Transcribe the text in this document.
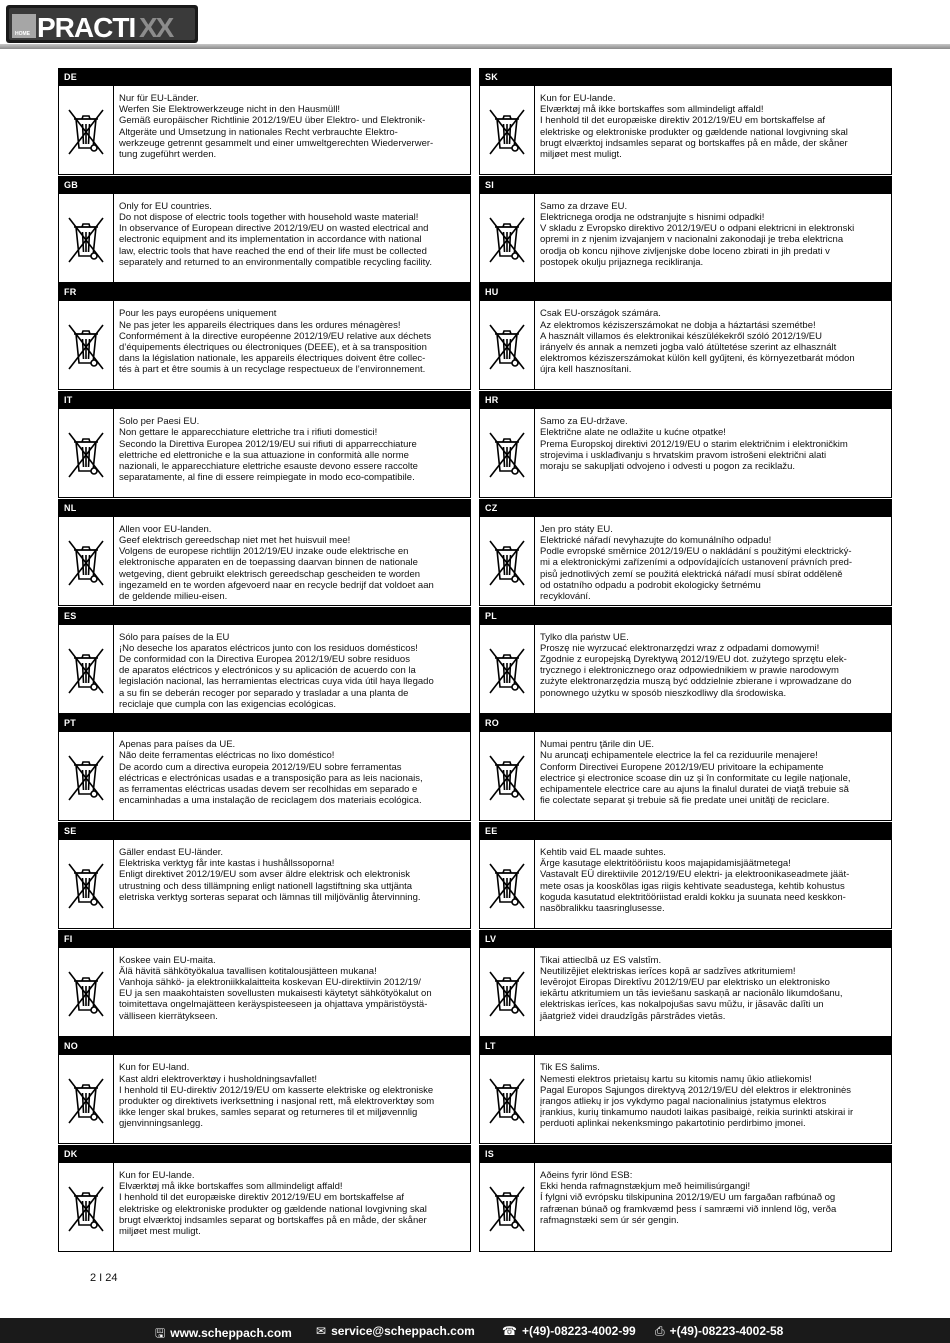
HOME PRACTI XX
DE
Nur für EU-Länder.
Werfen Sie Elektrowerkzeuge nicht in den Hausmüll!
Gemäß europäischer Richtlinie 2012/19/EU über Elektro- und Elektronik-
Altgeräte und Umsetzung in nationales Recht verbrauchte Elektro-
werkzeuge getrennt gesammelt und einer umweltgerechten Wiederverwer-
tung zugeführt werden.
GB
Only for EU countries.
Do not dispose of electric tools together with household waste material!
In observance of European directive 2012/19/EU on wasted electrical and
electronic equipment and its implementation in accordance with national
law, electric tools that have reached the end of their life must be collected
separately and returned to an environmentally compatible recycling facility.
FR
Pour les pays européens uniquement
Ne pas jeter les appareils électriques dans les ordures ménagères!
Conformément à la directive européenne 2012/19/EU relative aux déchets
d’équipements électriques ou électroniques (DEEE), et à sa transposition
dans la législation nationale, les appareils électriques doivent être collec-
tés à part et être soumis à un recyclage respectueux de l’environnement.
IT
Solo per Paesi EU.
Non gettare le apparecchiature elettriche tra i rifiuti domestici!
Secondo la Direttiva Europea 2012/19/EU sui rifiuti di apparrecchiature
elettriche ed elettroniche e la sua attuazione in conformità alle norme
nazionali, le apparecchiature elettriche esauste devono essere raccolte
separatamente, al fine di essere reimpiegate in modo eco-compatibile.
NL
Allen voor EU-landen.
Geef elektrisch gereedschap niet met het huisvuil mee!
Volgens de europese richtlijn 2012/19/EU inzake oude elektrische en
elektronische apparaten en de toepassing daarvan binnen de nationale
wetgeving, dient gebruikt elektrisch gereedschap gescheiden te worden
ingezameld en te worden afgevoerd naar en recycle bedrijf dat voldoet aan
de geldende milieu-eisen.
ES
Sólo para países de la EU
¡No deseche los aparatos eléctricos junto con los residuos domésticos!
De conformidad con la Directiva Europea 2012/19/EU sobre residuos
de aparatos eléctricos y electrónicos y su aplicación de acuerdo con la
legislación nacional, las herramientas electricas cuya vida útil haya llegado
a su fin se deberán recoger por separado y trasladar a una planta de
reciclaje que cumpla con las exigencias ecológicas.
PT
Apenas para países da UE.
Não deite ferramentas eléctricas no lixo doméstico!
De acordo cum a directiva europeia 2012/19/EU sobre ferramentas
eléctricas e electrónicas usadas e a transposição para as leis nacionais,
as ferramentas eléctricas usadas devem ser recolhidas em separado e
encaminhadas a uma instalação de reciclagem dos materiais ecológica.
SE
Gäller endast EU-länder.
Elektriska verktyg får inte kastas i hushållssoporna!
Enligt direktivet 2012/19/EU som avser äldre elektrisk och elektronisk
utrustning och dess tillämpning enligt nationell lagstiftning ska uttjänta
eletriska verktyg sorteras separat och lämnas till miljövänlig återvinning.
FI
Koskee vain EU-maita.
Älä hävitä sähkötyökalua tavallisen kotitalousjätteen mukana!
Vanhoja sähkö- ja elektroniikkalaitteita koskevan EU-direktiivin 2012/19/
EU ja sen maakohtaisten sovellusten mukaisesti käytetyt sähkötyökalut on
toimitettava ongelmajätteen keräyspisteeseen ja ohjattava ympäristöystä-
välliseen kierrätykseen.
NO
Kun for EU-land.
Kast aldri elektroverktøy i husholdningsavfallet!
I henhold til EU-direktiv 2012/19/EU om kasserte elektriske og elektroniske
produkter og direktivets iverksettning i nasjonal rett, må elektroverktøy som
ikke lenger skal brukes, samles separat og returneres til et miljøvennlig
gjenvinningsanlegg.
DK
Kun for EU-lande.
Elværktøj må ikke bortskaffes som allmindeligt affald!
I henhold til det europæiske direktiv 2012/19/EU em bortskaffelse af
elektriske og elektroniske produkter og gældende national lovgivning skal
brugt elværktoj indsamles separat og bortskaffes på en måde, der skåner
miljøet mest muligt.
SK
Kun for EU-lande.
Elværktøj må ikke bortskaffes som allmindeligt affald!
I henhold til det europæiske direktiv 2012/19/EU em bortskaffelse af
elektriske og elektroniske produkter og gældende national lovgivning skal
brugt elværktoj indsamles separat og bortskaffes på en måde, der skåner
miljøet mest muligt.
SI
Samo za drzave EU.
Elektricnega orodja ne odstranjujte s hisnimi odpadki!
V skladu z Evropsko direktivo 2012/19/EU o odpani elektricni in elektronski
opremi in z njenim izvajanjem v nacionalni zakonodaji je treba elektricna
orodja ob koncu njihove zivljenjske dobe loceno zbirati in jih predati v
postopek okulju prijaznega recikliranja.
HU
Csak EU-országok számára.
Az elektromos kéziszerszámokat ne dobja a háztartási szemétbe!
A használt villamos és elektronikai készülékekről szóló 2012/19/EU
irányelv és annak a nemzeti jogba való átültetése szerint az elhasznált
elektromos kéziszerszámokat külön kell gyűjteni, és környezetbarát módon
újra kell hasznosítani.
HR
Samo za EU-države.
Električne alate ne odlažite u kućne otpatke!
Prema Europskoj direktivi 2012/19/EU o starim električnim i elektroničkim
strojevima i usklađivanju s hrvatskim pravom istrošeni električni alati
moraju se sakupljati odvojeno i odvesti u pogon za reciklažu.
CZ
Jen pro státy EU.
Elektrické nářadí nevyhazujte do komunálního odpadu!
Podle evropské směrnice 2012/19/EU o nakládání s použitými elecktrický-
mi a elektronickými zařízeními a odpovídajících ustanovení právních pred-
pisů jednotlivých zemí se použitá elektrická nářadí musí sbírat odděleně
od ostatního odpadu a podrobit ekologicky šetrnému
recyklování.
PL
Tylko dla państw UE.
Proszę nie wyrzucać elektronarzędzi wraz z odpadami domowymi!
Zgodnie z europejską Dyrektywą 2012/19/EU dot. zużytego sprzętu elek-
trycznego i elektronicznego oraz odpowiednikiem w prawie narodowym
zużyte elektronarzędzia muszą być oddzielnie zbierane i wprowadzane do
ponownego użytku w sposób nieszkodliwy dla środowiska.
RO
Numai pentru ţările din UE.
Nu aruncaţi echipamentele electrice la fel ca reziduurile menajere!
Conform Directivei Europene 2012/19/EU privitoare la echipamente
electrice şi electronice scoase din uz şi în conformitate cu legile naţionale,
echipamentele electrice care au ajuns la finalul duratei de viaţă trebuie să
fie colectate separat şi trebuie să fie predate unei unităţi de reciclare.
EE
Kehtib vaid EL maade suhtes.
Ärge kasutage elektritööriistu koos majapidamisjäätmetega!
Vastavalt EÜ direktiivile 2012/19/EU elektri- ja elektroonikaseadmete jäät-
mete osas ja kooskõlas igas riigis kehtivate seadustega, kehtib kohustus
koguda kasutatud elektritööriistad eraldi kokku ja suunata need keskkon-
nasõbralikku taasringlusesse.
LV
Tikai attieclbā uz ES valstīm.
Neutilizējiet elektriskas ierīces kopā ar sadzīves atkritumiem!
Ievērojot Eiropas Direktīvu 2012/19/EU par elektrisko un elektronisko
iekārtu atkritumiem un tās ieviešanu saskaņā ar nacionālo likumdošanu,
elektriskas ierīces, kas nokalpojušas savu mūžu, ir jāsavāc dalīti un
jāatgriež videi draudzīgās pārstrādes vietās.
LT
Tik ES šalims.
Nemesti elektros prietaisų kartu su kitomis namų ūkio atliekomis!
Pagal Europos Sąjungos direktyvą 2012/19/EU dėl elektros ir elektroninės
įrangos atliekų ir jos vykdymo pagal nacionalinius įstatymus elektros
įrankius, kurių tinkamumo naudoti laikas pasibaigė, reikia surinkti atskirai ir
perduoti aplinkai nekenksmingo pakartotinio perdirbimo įmonei.
IS
Aðeins fyrir lönd ESB:
Ekki henda rafmagnstækjum með heimilisúrgangi!
Í fylgni við evrópsku tilskipunina 2012/19/EU um fargaðan rafbúnað og
rafrænan búnað og framkvæmd þess í samræmi við innlend lög, verða
rafmagnstæki sem úr sér gengin.
2 I 24
🖫 www.scheppach.com ✉ service@scheppach.com ☎ +(49)-08223-4002-99 ⎙ +(49)-08223-4002-58
